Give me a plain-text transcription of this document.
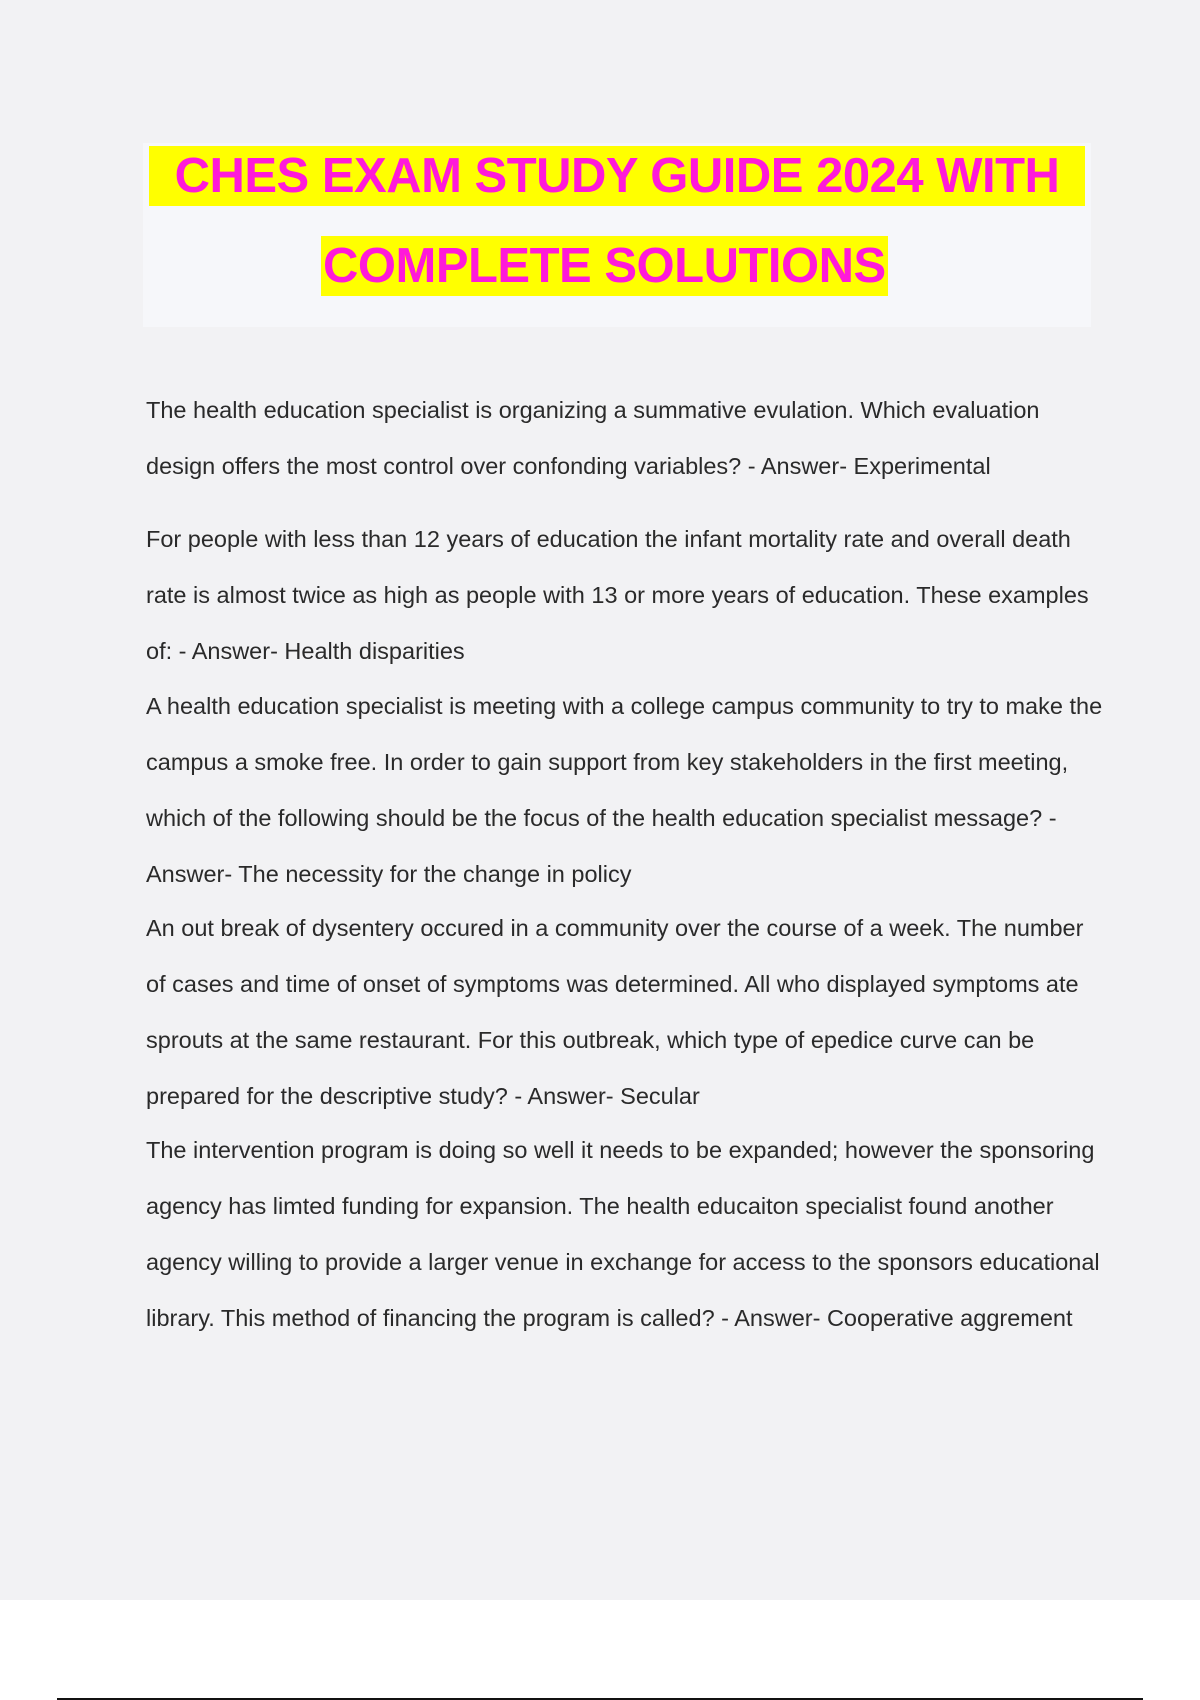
CHES EXAM STUDY GUIDE 2024 WITH
COMPLETE SOLUTIONS

The health education specialist is organizing a summative evulation. Which evaluation design offers the most control over confonding variables? - Answer- Experimental

For people with less than 12 years of education the infant mortality rate and overall death rate is almost twice as high as people with 13 or more years of education. These examples of: - Answer- Health disparities

A health education specialist is meeting with a college campus community to try to make the campus a smoke free. In order to gain support from key stakeholders in the first meeting, which of the following should be the focus of the health education specialist message? - Answer- The necessity for the change in policy

An out break of dysentery occured in a community over the course of a week. The number of cases and time of onset of symptoms was determined. All who displayed symptoms ate sprouts at the same restaurant. For this outbreak, which type of epedice curve can be prepared for the descriptive study? - Answer- Secular

The intervention program is doing so well it needs to be expanded; however the sponsoring agency has limted funding for expansion. The health educaiton specialist found another agency willing to provide a larger venue in exchange for access to the sponsors educational library. This method of financing the program is called? - Answer- Cooperative aggrement
